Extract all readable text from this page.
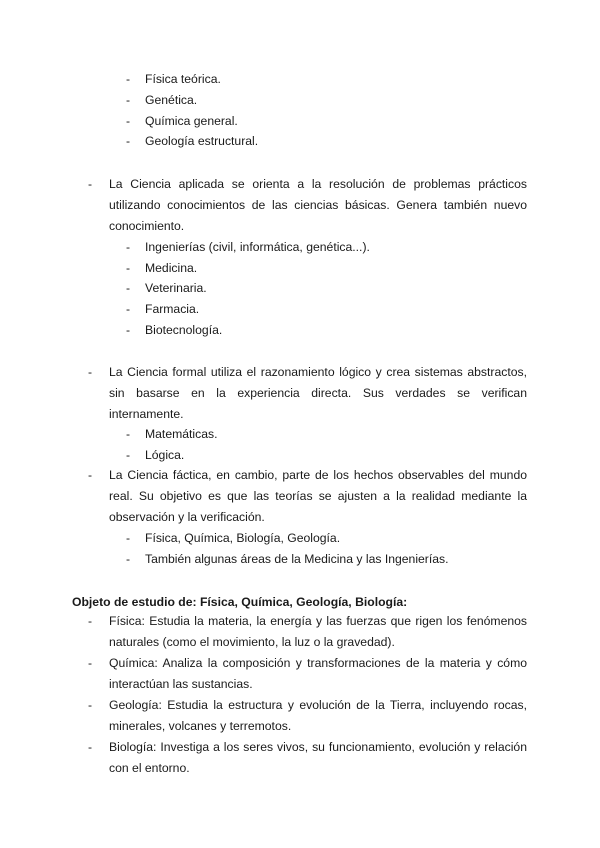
- Física teórica.
- Genética.
- Química general.
- Geología estructural.
- La Ciencia aplicada se orienta a la resolución de problemas prácticos utilizando conocimientos de las ciencias básicas. Genera también nuevo conocimiento.
- Ingenierías (civil, informática, genética...).
- Medicina.
- Veterinaria.
- Farmacia.
- Biotecnología.
- La Ciencia formal utiliza el razonamiento lógico y crea sistemas abstractos, sin basarse en la experiencia directa. Sus verdades se verifican internamente.
- Matemáticas.
- Lógica.
- La Ciencia fáctica, en cambio, parte de los hechos observables del mundo real. Su objetivo es que las teorías se ajusten a la realidad mediante la observación y la verificación.
- Física, Química, Biología, Geología.
- También algunas áreas de la Medicina y las Ingenierías.
Objeto de estudio de: Física, Química, Geología, Biología:
- Física: Estudia la materia, la energía y las fuerzas que rigen los fenómenos naturales (como el movimiento, la luz o la gravedad).
- Química: Analiza la composición y transformaciones de la materia y cómo interactúan las sustancias.
- Geología: Estudia la estructura y evolución de la Tierra, incluyendo rocas, minerales, volcanes y terremotos.
- Biología: Investiga a los seres vivos, su funcionamiento, evolución y relación con el entorno.
